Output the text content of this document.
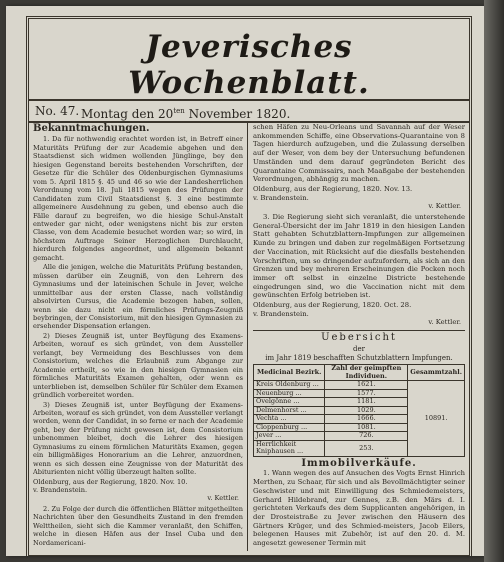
Jeverisches Wochenblatt.
No. 47. Montag den $20^{ten}$ November 1820.
Bekanntmachungen.

1. Da für nothwendig erachtet worden ist, in Betreff einer Maturitäts Prüfung der zur Academie abgehen und den Staatsdienst sich widmen wollenden Jünglinge, bey den hiesigen Gegenstand bereits bestehenden Vorschriften, der Gesetze für die Schüler des Oldenburgischen Gymnasiums vom 5. April 1815 §. 45 und 46 so wie der Landesherrlichen Verordnung vom 18. Juli 1815 wegen des Prüfungen der Candidaten zum Civil Staatsdienst §. 3 eine bestimmte allgemeinere Ausdehnung zu geben, und ebenso auch die Fälle darauf zu begreifen, wo die hiesige Schul-Anstalt entweder gar nicht, oder wenigstens nicht bis zur ersten Classe, von dem Academie besuchet worden war; so wird, in höchstem Auftrage Seiner Herzoglichen Durchlaucht, hierdurch folgendes angeordnet, und allgemein bekannt gemacht.

Alle die jenigen, welche die Maturitäts Prüfung bestanden, müssen darüber ein Zeugniß, von den Lehrern des Gymnasiums und der lateinischen Schule in Jever, welche unmittelbar aus der ersten Classe, nach vollständig absolvirten Cursus, die Academie bezogen haben, sollen, wenn sie dazu nicht ein förmliches Prüfungs-Zeugniß beybringen, der Consistorium, mit den hiesigen Gymnasien zu ersehender Dispensation erlangen.

2) Dieses Zeugniß ist, unter Beyfügung des Examens-Arbeiten, worauf es sich gründet, von dem Aussteller verlangt, bey Vermeidung des Beschlusses von dem Consistorium, welches die Erlaubniß zum Abgange zur Academie ertheilt, so wie in den hiesigen Gymnasien ein förmliches Maturitäts Examen gehalten, oder wenn es unterblieben ist, demselben Schüler für Schüler dem Examen gründlich vorbereitet worden.

3) Dieses Zeugniß ist, unter Beyfügung der Examens-Arbeiten, worauf es sich gründet, von dem Aussteller verlangt worden, wenn der Candidat, in so ferne er nach der Academie geht, bey der Prüfung nicht gewesen ist, dem Consistorium unbenommen bleibet, doch die Lehrer des hiesigen Gymnasiums zu einem förmlichen Maturitäts Examen, gegen ein billigmäßiges Honorarium an die Lehrer, anzuordnen, wenn es sich dessen eine Zeugnisse von der Maturität des Abiturienten nicht völlig überzeugt halten sollte.

Oldenburg, aus der Regierung, 1820. Nov. 10.

v. Brandenstein.

v. Kettler.

2. Zu Folge der durch die öffentlichen Blätter mitgetheilten Nachrichten über den Gesundheits Zustand in den fremden Welttheilen, sieht sich die Kammer veranlaßt, den Schiffen, welche in diesen Häfen aus der Insel Cuba und den Nordamericani-

schen Häfen zu Neu-Orleans und Savannah auf der Weser ankommenden Schiffe, eine Observations-Quarantaine von 8 Tagen hierdurch aufzugeben, und die Zulassung derselben auf der Weser, von dem bey der Untersuchung befundenen Umständen und dem darauf gegründeten Bericht des Quarantaine Commissairs, nach Maaßgabe der bestehenden Verordnungen, abhängig zu machen.

Oldenburg, aus der Regierung, 1820. Nov. 13.

v. Brandenstein.

v. Kettler.

3. Die Regierung sieht sich veranlaßt, die unterstehende General-Übersicht der im Jahr 1819 in den hiesigen Landen Statt gehabten Schutzblattern-Impfungen zur allgemeinen Kunde zu bringen und daben zur regelmäßigen Fortsetzung der Vaccination, mit Rücksicht auf die diesfalls bestehenden Vorschriften, um so dringender aufzufordern, als sich an den Grenzen und bey mehreren Erscheinungen die Pocken noch immer oft selbst in einzelne Districte bestehende eingedrungen sind, wo die Vaccination nicht mit dem gewünschten Erfolg betrieben ist.

Oldenburg, aus der Regierung, 1820. Oct. 28.

v. Brandenstein.

v. Kettler.

Uebersicht

der

im Jahr 1819 beschafften Schutzblattern Impfungen.

Medicinal Bezirk.	Zahl der geimpften Individuen.	Gesammtzahl.
Kreis Oldenburg ...	1621.	10891.
Neuenburg ...	1577.	
Ovelgönne ...	1181.	
Delmenhorst ...	1029.	
Vechta ...	1666.	
Cloppenburg ...	1081.	
Jever ...	726.	
Herrlichkeit Kniphausen ...	253.	
Immobilverkäufe.

1. Wann wegen des auf Ansuchen des Vogts Ernst Hinrich Merthen, zu Schaar, für sich und als Bevollmächtigter seiner Geschwister und mit Einwilligung des Schmiedemeisters, Gerhard Hildebrand, zur Gennes, z.B. den Märs d. I. gerichteten Verkaufs des dem Supplicanten angehörigen, in der Drosteistraße zu Jever zwischen den Häusern des Gärtners Krüger, und des Schmied-meisters, Jacob Eilers, belegenen Hauses mit Zubehör, ist auf den 20. d. M. angesetzt gewesener Termin mit
